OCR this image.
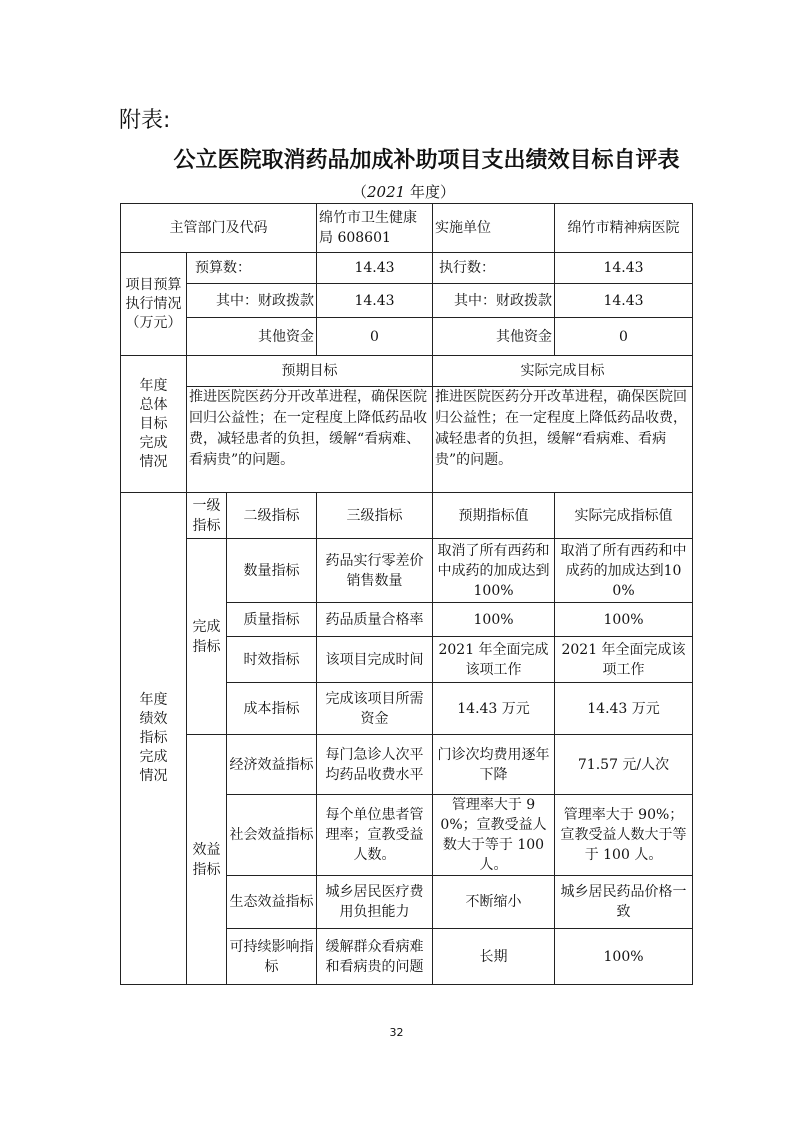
附表:
公立医院取消药品加成补助项目支出绩效目标自评表
（2021 年度）
主管部门及代码			绵竹市卫生健康局 608601	实施单位	绵竹市精神病医院
项目预算执行情况（万元）	预算数：		14.43	执行数：	14.43
	其中：财政拨款		14.43	其中：财政拨款	14.43
	其他资金		0	其他资金	0
年度总体目标完成情况	预期目标			实际完成目标	
	推进医院医药分开改革进程，确保医院回归公益性；在一定程度上降低药品收费，减轻患者的负担，缓解“看病难、看病贵”的问题。			推进医院医药分开改革进程，确保医院回归公益性；在一定程度上降低药品收费，减轻患者的负担，缓解“看病难、看病贵”的问题。	
年度绩效指标完成情况	一级指标	二级指标	三级指标	预期指标值	实际完成指标值
	完成指标	数量指标	药品实行零差价销售数量	取消了所有西药和中成药的加成达到100%	取消了所有西药和中成药的加成达到100%
		质量指标	药品质量合格率	100%	100%
		时效指标	该项目完成时间	2021 年全面完成该项工作	2021 年全面完成该项工作
		成本指标	完成该项目所需资金	14.43 万元	14.43 万元
	效益指标	经济效益指标	每门急诊人次平均药品收费水平	门诊次均费用逐年下降	71.57 元/人次
		社会效益指标	每个单位患者管理率；宣教受益人数。	管理率大于 90%；宣教受益人数大于等于 100 人。	管理率大于 90%；宣教受益人数大于等于 100 人。
		生态效益指标	城乡居民医疗费用负担能力	不断缩小	城乡居民药品价格一致
		可持续影响指标	缓解群众看病难和看病贵的问题	长期	100%
32
